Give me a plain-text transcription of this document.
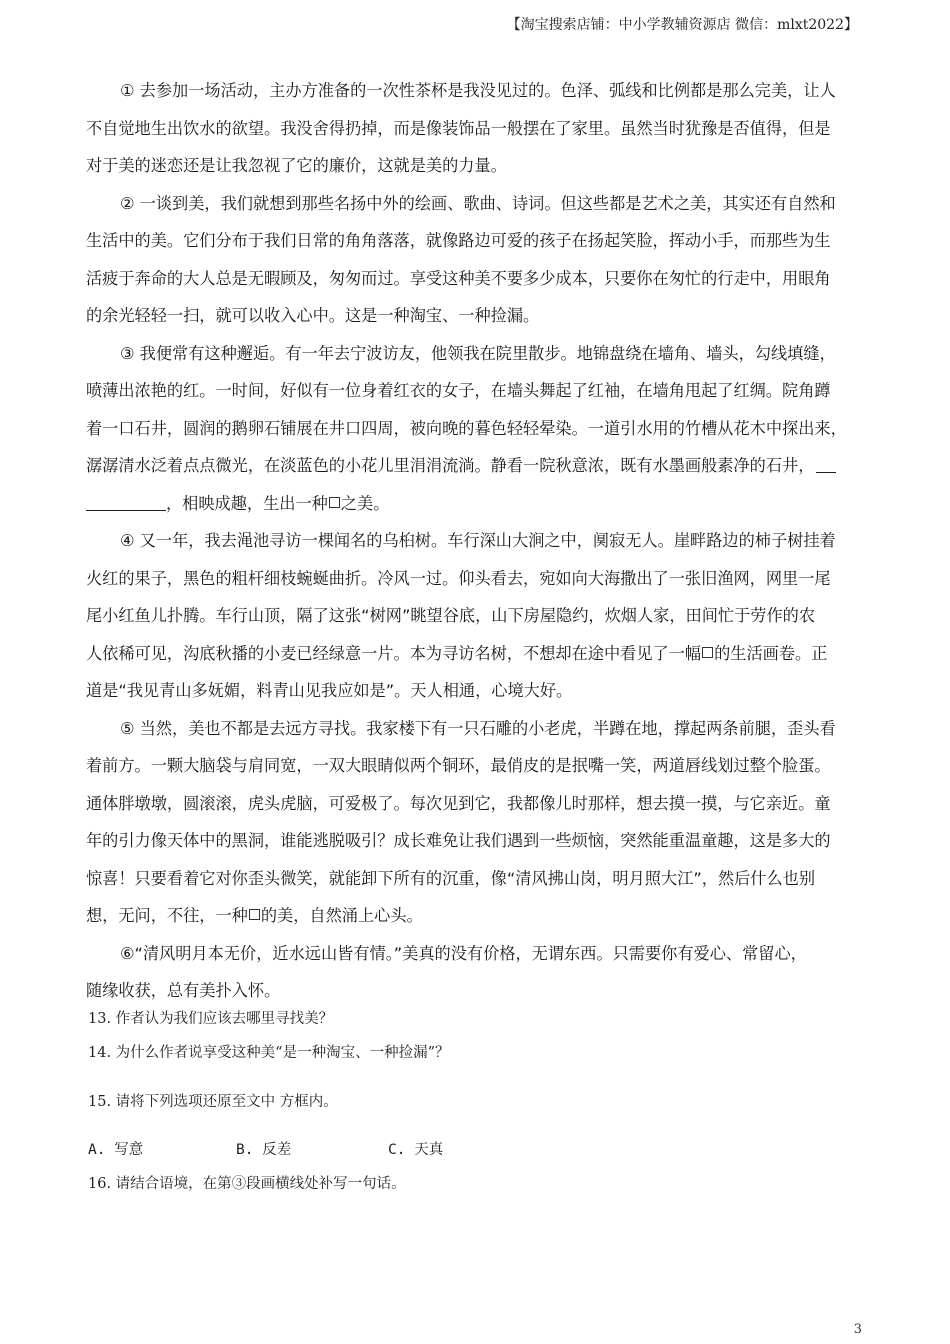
【淘宝搜索店铺：中小学教辅资源店 微信：mlxt2022】
① 去参加一场活动，主办方准备的一次性茶杯是我没见过的。色泽、弧线和比例都是那么完美，让人
不自觉地生出饮水的欲望。我没舍得扔掉，而是像装饰品一般摆在了家里。虽然当时犹豫是否值得，但是
对于美的迷恋还是让我忽视了它的廉价，这就是美的力量。
② 一谈到美，我们就想到那些名扬中外的绘画、歌曲、诗词。但这些都是艺术之美，其实还有自然和
生活中的美。它们分布于我们日常的角角落落，就像路边可爱的孩子在扬起笑脸，挥动小手，而那些为生
活疲于奔命的大人总是无暇顾及，匆匆而过。享受这种美不要多少成本，只要你在匆忙的行走中，用眼角
的余光轻轻一扫，就可以收入心中。这是一种淘宝、一种捡漏。
③ 我便常有这种邂逅。有一年去宁波访友，他领我在院里散步。地锦盘绕在墙角、墙头，勾线填缝，
喷薄出浓艳的红。一时间，好似有一位身着红衣的女子，在墙头舞起了红袖，在墙角甩起了红绸。院角蹲
着一口石井，圆润的鹅卵石铺展在井口四周，被向晚的暮色轻轻晕染。一道引水用的竹槽从花木中探出来，
潺潺清水泛着点点微光，在淡蓝色的小花儿里涓涓流淌。静看一院秋意浓，既有水墨画般素净的石井，
，相映成趣，生出一种 之美。
④ 又一年，我去渑池寻访一棵闻名的乌桕树。车行深山大涧之中，阒寂无人。崖畔路边的柿子树挂着
火红的果子，黑色的粗杆细枝蜿蜒曲折。冷风一过。仰头看去，宛如向大海撒出了一张旧渔网，网里一尾
尾小红鱼儿扑腾。车行山顶，隔了这张“树网”眺望谷底，山下房屋隐约，炊烟人家，田间忙于劳作的农
人依稀可见，沟底秋播的小麦已经绿意一片。本为寻访名树，不想却在途中看见了一幅 的生活画卷。正
道是“我见青山多妩媚，料青山见我应如是”。天人相通，心境大好。
⑤ 当然，美也不都是去远方寻找。我家楼下有一只石雕的小老虎，半蹲在地，撑起两条前腿，歪头看
着前方。一颗大脑袋与肩同宽，一双大眼睛似两个铜环，最俏皮的是抿嘴一笑，两道唇线划过整个脸蛋。
通体胖墩墩，圆滚滚，虎头虎脑，可爱极了。每次见到它，我都像儿时那样，想去摸一摸，与它亲近。童
年的引力像天体中的黑洞，谁能逃脱吸引？成长难免让我们遇到一些烦恼，突然能重温童趣，这是多大的
惊喜！只要看着它对你歪头微笑，就能卸下所有的沉重，像“清风拂山岗，明月照大江”，然后什么也别
想，无问，不往，一种 的美，自然涌上心头。
⑥“清风明月本无价，近水远山皆有情。”美真的没有价格，无谓东西。只需要你有爱心、常留心，
随缘收获，总有美扑入怀。
13. 作者认为我们应该去哪里寻找美？
14. 为什么作者说享受这种美“是一种淘宝、一种捡漏”？
15. 请将下列选项还原至文中 方框内。
A. 写意	B. 反差	C. 天真
16. 请结合语境，在第③段画横线处补写一句话。
3
